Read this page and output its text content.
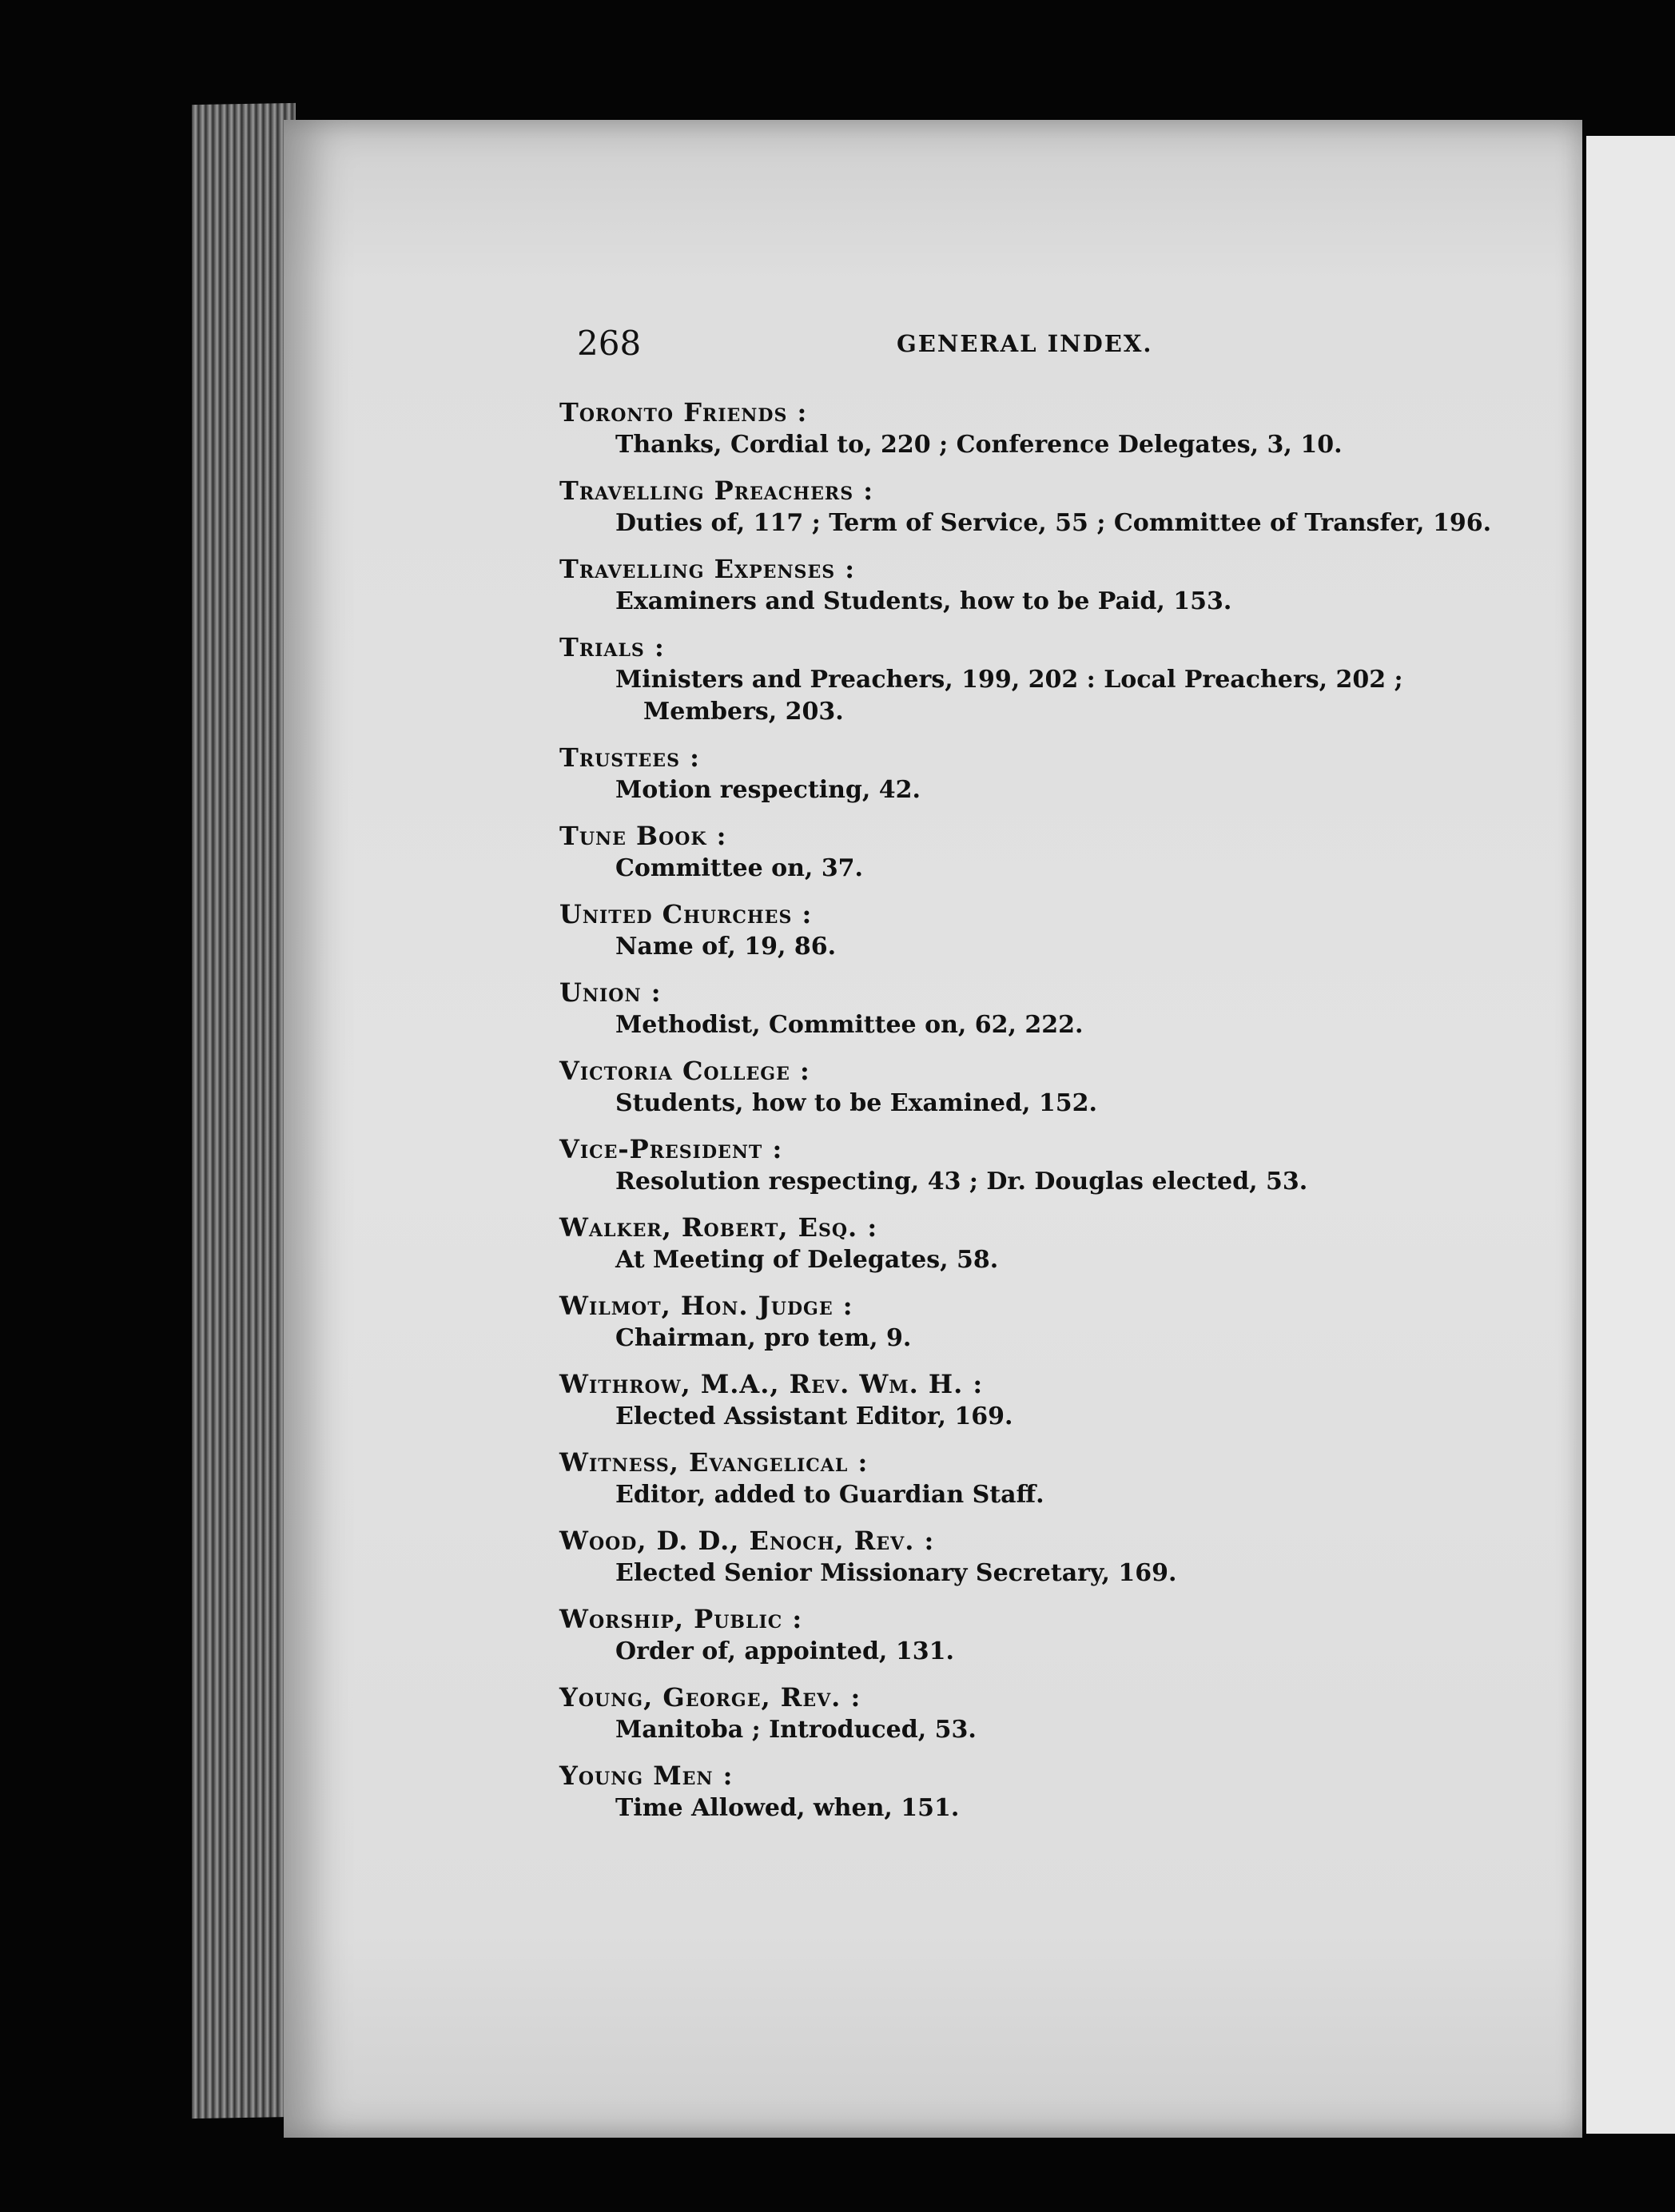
268	GENERAL INDEX.
Toronto Friends :
Thanks, Cordial to, 220 ; Conference Delegates, 3, 10.
Travelling Preachers :
Duties of, 117 ; Term of Service, 55 ; Committee of Transfer, 196.
Travelling Expenses :
Examiners and Students, how to be Paid, 153.
Trials :
Ministers and Preachers, 199, 202 : Local Preachers, 202 ; Members, 203.
Trustees :
Motion respecting, 42.
Tune Book :
Committee on, 37.
United Churches :
Name of, 19, 86.
Union :
Methodist, Committee on, 62, 222.
Victoria College :
Students, how to be Examined, 152.
Vice-President :
Resolution respecting, 43 ; Dr. Douglas elected, 53.
Walker, Robert, Esq. :
At Meeting of Delegates, 58.
Wilmot, Hon. Judge :
Chairman, pro tem, 9.
Withrow, M.A., Rev. Wm. H. :
Elected Assistant Editor, 169.
Witness, Evangelical :
Editor, added to Guardian Staff.
Wood, D. D., Enoch, Rev. :
Elected Senior Missionary Secretary, 169.
Worship, Public :
Order of, appointed, 131.
Young, George, Rev. :
Manitoba ; Introduced, 53.
Young Men :
Time Allowed, when, 151.
